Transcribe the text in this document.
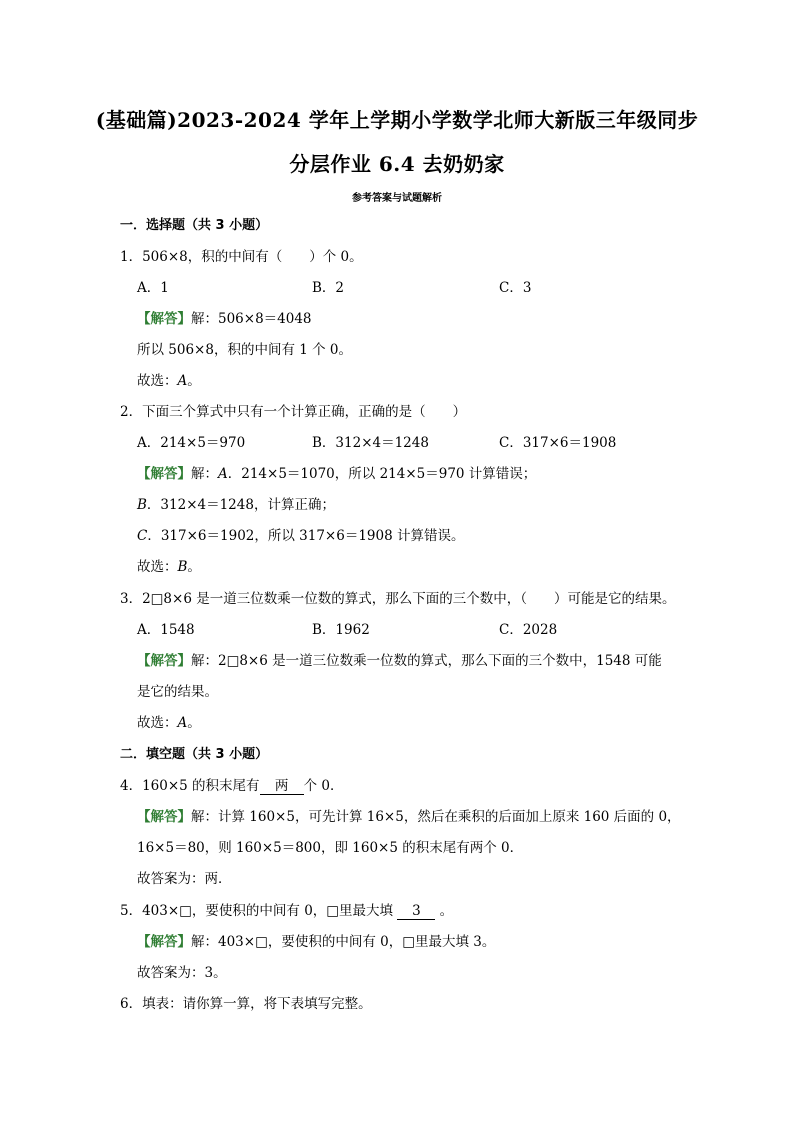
(基础篇)2023-2024 学年上学期小学数学北师大新版三年级同步
分层作业 6.4 去奶奶家
参考答案与试题解析
一．选择题（共 3 小题）
1．506×8，积的中间有（　　）个 0。
A．1	B．2	C．3
【解答】解：506×8＝4048
所以 506×8，积的中间有 1 个 0。
故选：A。
2．下面三个算式中只有一个计算正确，正确的是（　　）
A．214×5＝970	B．312×4＝1248	C．317×6＝1908
【解答】解：A．214×5＝1070，所以 214×5＝970 计算错误；
B．312×4＝1248，计算正确；
C．317×6＝1902，所以 317×6＝1908 计算错误。
故选：B。
3．2□8×6 是一道三位数乘一位数的算式，那么下面的三个数中，（　　）可能是它的结果。
A．1548	B．1962	C．2028
【解答】解：2□8×6 是一道三位数乘一位数的算式，那么下面的三个数中，1548 可能
是它的结果。
故选：A。
二．填空题（共 3 小题）
4．160×5 的积末尾有 两 个 0．
【解答】解：计算 160×5，可先计算 16×5，然后在乘积的后面加上原来 160 后面的 0，
16×5＝80，则 160×5＝800，即 160×5 的积末尾有两个 0．
故答案为：两．
5．403×□，要使积的中间有 0，□里最大填 3 。
【解答】解：403×□，要使积的中间有 0，□里最大填 3。
故答案为：3。
6．填表：请你算一算，将下表填写完整。
